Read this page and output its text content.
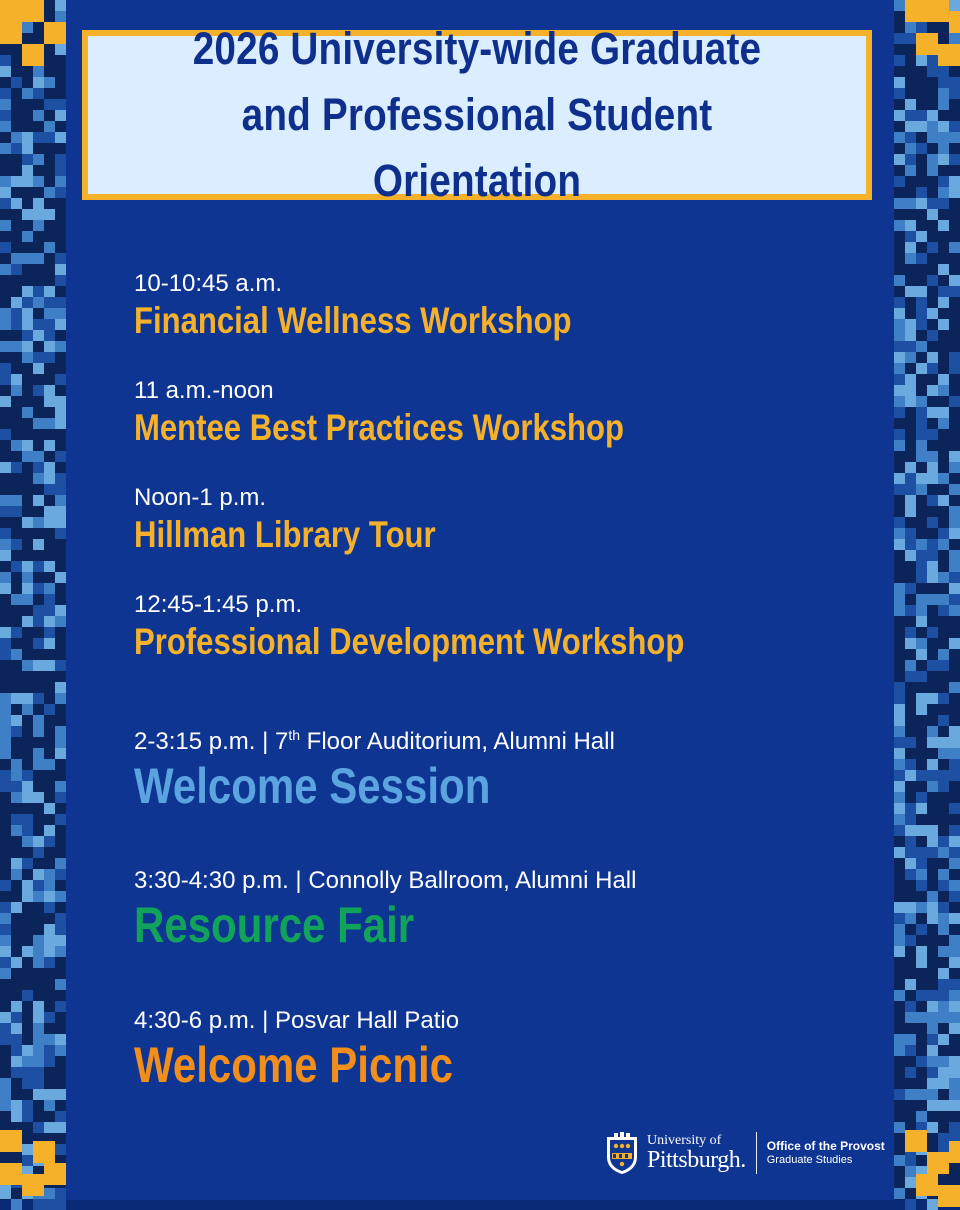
2026 University-wide Graduate
and Professional Student Orientation
10-10:45 a.m.
Financial Wellness Workshop
11 a.m.-noon
Mentee Best Practices Workshop
Noon-1 p.m.
Hillman Library Tour
12:45-1:45 p.m.
Professional Development Workshop
2-3:15 p.m. | 7th Floor Auditorium, Alumni Hall
Welcome Session
3:30-4:30 p.m. | Connolly Ballroom, Alumni Hall
Resource Fair
4:30-6 p.m. | Posvar Hall Patio
Welcome Picnic
University of
Pittsburgh.
Office of the Provost
Graduate Studies
